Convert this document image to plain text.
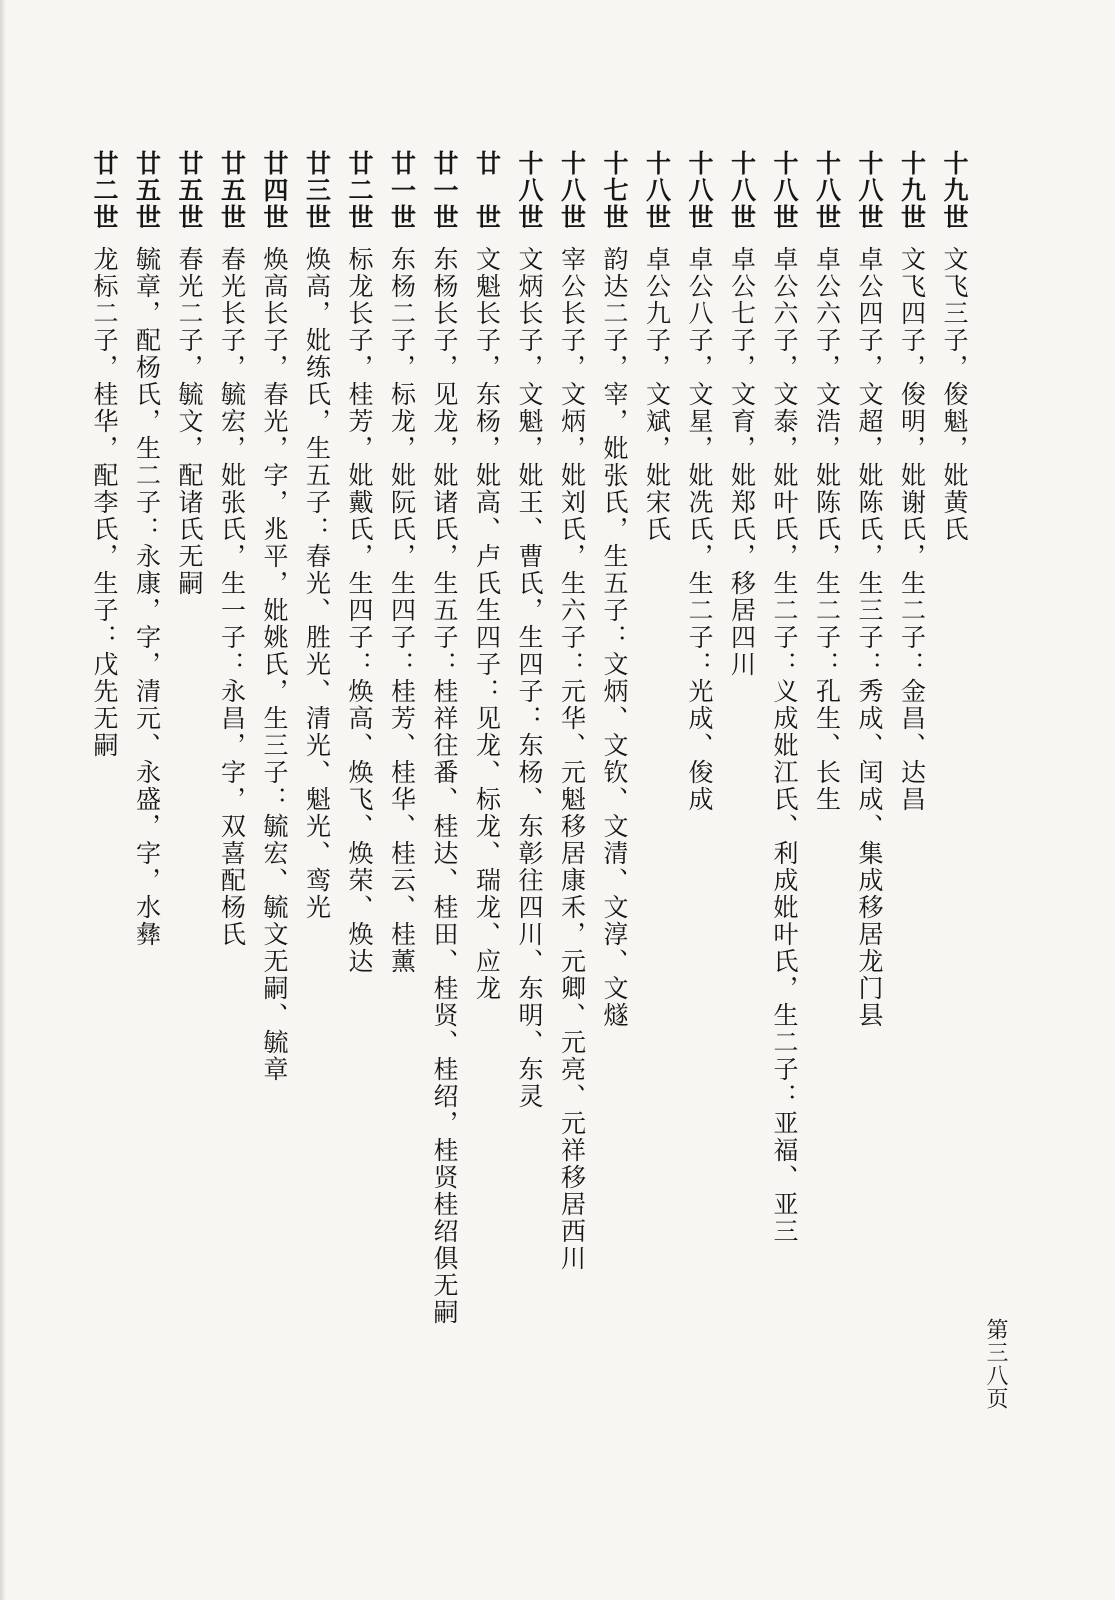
十九世
文飞三子，俊魁，妣黄氏
十九世
文飞四子，俊明，妣谢氏，生二子：金昌、达昌
十八世
卓公四子，文超，妣陈氏，生三子：秀成、闰成、集成移居龙门县
十八世
卓公六子，文浩，妣陈氏，生二子：孔生、长生
十八世
卓公六子，文泰，妣叶氏，生二子：义成妣江氏、利成妣叶氏，生二子：亚福、亚三
十八世
卓公七子，文育，妣郑氏，移居四川
十八世
卓公八子，文星，妣冼氏，生二子：光成、俊成
十八世
卓公九子，文斌，妣宋氏
十七世
韵达二子，宰，妣张氏，生五子：文炳、文钦、文清、文淳、文燧
十八世
宰公长子，文炳，妣刘氏，生六子：元华、元魁移居康禾，元卿、元亮、元祥移居西川
十八世
文炳长子，文魁，妣王、曹氏，生四子：东杨、东彰往四川、东明、东灵
廿　世
文魁长子，东杨，妣高、卢氏生四子：见龙、标龙、瑞龙、应龙
廿一世
东杨长子，见龙，妣诸氏，生五子：桂祥往番、桂达、桂田、桂贤、桂绍，桂贤桂绍俱无嗣
廿一世
东杨二子，标龙，妣阮氏，生四子：桂芳、桂华、桂云、桂薰
廿二世
标龙长子，桂芳，妣戴氏，生四子：焕高、焕飞、焕荣、焕达
廿三世
焕高，妣练氏，生五子：春光、胜光、清光、魁光、鸾光
廿四世
焕高长子，春光，字，兆平，妣姚氏，生三子：毓宏、毓文无嗣、毓章
廿五世
春光长子，毓宏，妣张氏，生一子：永昌，字，双喜配杨氏
廿五世
春光二子，毓文，配诸氏无嗣
廿五世
毓章，配杨氏，生二子：永康，字，清元、永盛，字，水彝
廿二世
龙标二子，桂华，配李氏，生子：戊先无嗣
第三八页
